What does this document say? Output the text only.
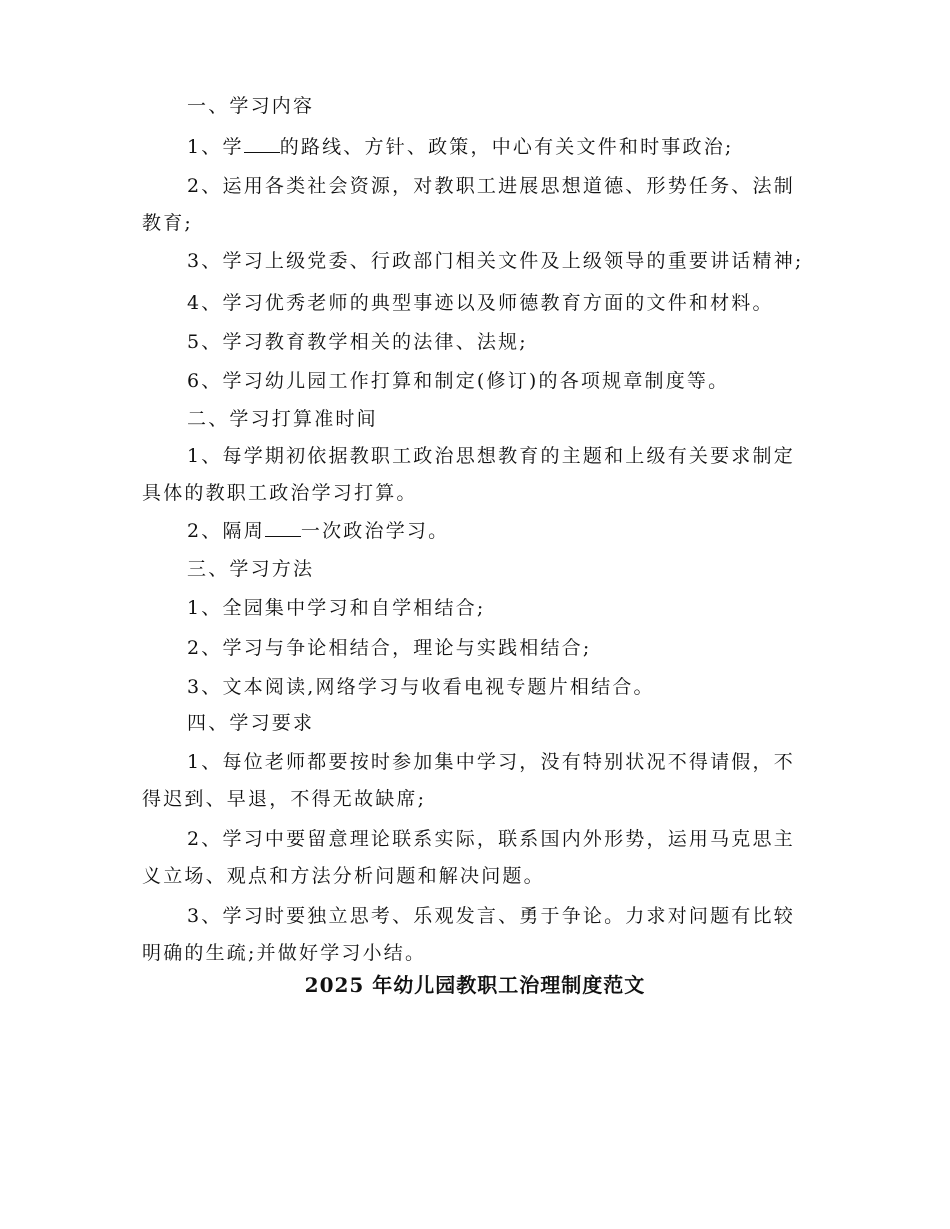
一、学习内容

1、学 的路线、方针、政策，中心有关文件和时事政治;

2、运用各类社会资源，对教职工进展思想道德、形势任务、法制教育;

3、学习上级党委、行政部门相关文件及上级领导的重要讲话精神;

4、学习优秀老师的典型事迹以及师德教育方面的文件和材料。

5、学习教育教学相关的法律、法规;

6、学习幼儿园工作打算和制定(修订)的各项规章制度等。

二、学习打算准时间

1、每学期初依据教职工政治思想教育的主题和上级有关要求制定具体的教职工政治学习打算。

2、隔周 一次政治学习。

三、学习方法

1、全园集中学习和自学相结合;

2、学习与争论相结合，理论与实践相结合;

3、文本阅读,网络学习与收看电视专题片相结合。

四、学习要求

1、每位老师都要按时参加集中学习，没有特别状况不得请假，不得迟到、早退，不得无故缺席;

2、学习中要留意理论联系实际，联系国内外形势，运用马克思主义立场、观点和方法分析问题和解决问题。

3、学习时要独立思考、乐观发言、勇于争论。力求对问题有比较明确的生疏;并做好学习小结。

2025 年幼儿园教职工治理制度范文
